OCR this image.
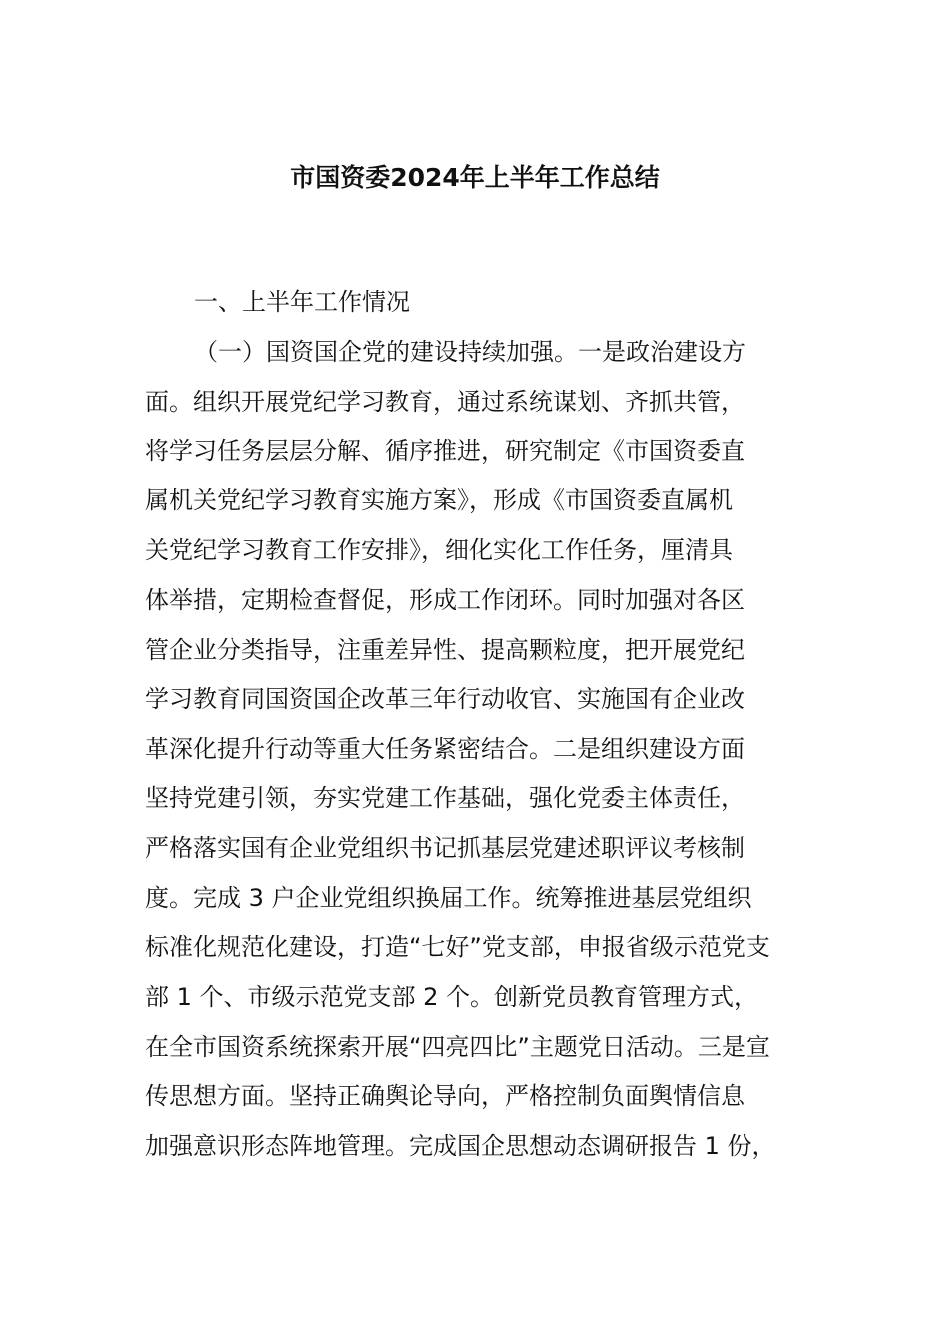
市国资委2024年上半年工作总结
一、上半年工作情况
（一）国资国企党的建设持续加强。一是政治建设方
面。组织开展党纪学习教育，通过系统谋划、齐抓共管，
将学习任务层层分解、循序推进，研究制定《市国资委直
属机关党纪学习教育实施方案》，形成《市国资委直属机
关党纪学习教育工作安排》，细化实化工作任务，厘清具
体举措，定期检查督促，形成工作闭环。同时加强对各区
管企业分类指导，注重差异性、提高颗粒度，把开展党纪
学习教育同国资国企改革三年行动收官、实施国有企业改
革深化提升行动等重大任务紧密结合。二是组织建设方面
坚持党建引领，夯实党建工作基础，强化党委主体责任，
严格落实国有企业党组织书记抓基层党建述职评议考核制
度。完成 3 户企业党组织换届工作。统筹推进基层党组织
标准化规范化建设，打造“七好”党支部，申报省级示范党支
部 1 个、市级示范党支部 2 个。创新党员教育管理方式，
在全市国资系统探索开展“四亮四比”主题党日活动。三是宣
传思想方面。坚持正确舆论导向，严格控制负面舆情信息
加强意识形态阵地管理。完成国企思想动态调研报告 1 份，
